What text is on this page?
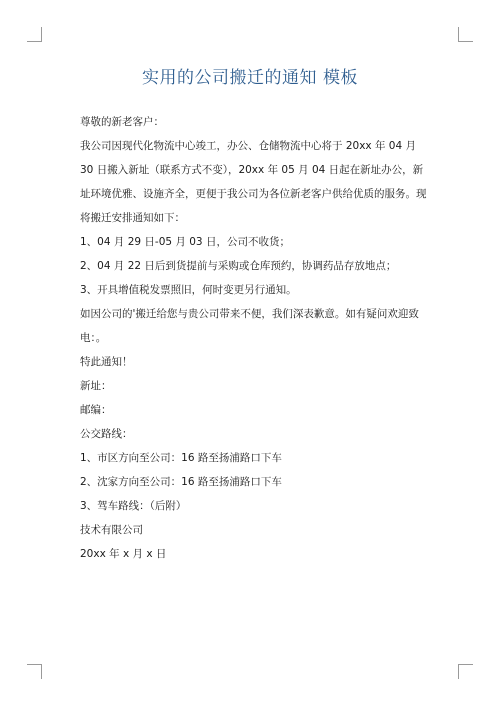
实用的公司搬迁的通知 模板

尊敬的新老客户：

我公司因现代化物流中心竣工，办公、仓储物流中心将于 20xx 年 04 月 30 日搬入新址（联系方式不变），20xx 年 05 月 04 日起在新址办公，新址环境优雅、设施齐全，更便于我公司为各位新老客户供给优质的服务。现将搬迁安排通知如下：

1、04 月 29 日-05 月 03 日，公司不收货；

2、04 月 22 日后到货提前与采购或仓库预约，协调药品存放地点；

3、开具增值税发票照旧，何时变更另行通知。

如因公司的'搬迁给您与贵公司带来不便，我们深表歉意。如有疑问欢迎致电：。

特此通知！

新址：

邮编：

公交路线：

1、市区方向至公司：16 路至扬浦路口下车

2、沈家方向至公司：16 路至扬浦路口下车

3、驾车路线：（后附）

技术有限公司

20xx 年 x 月 x 日
